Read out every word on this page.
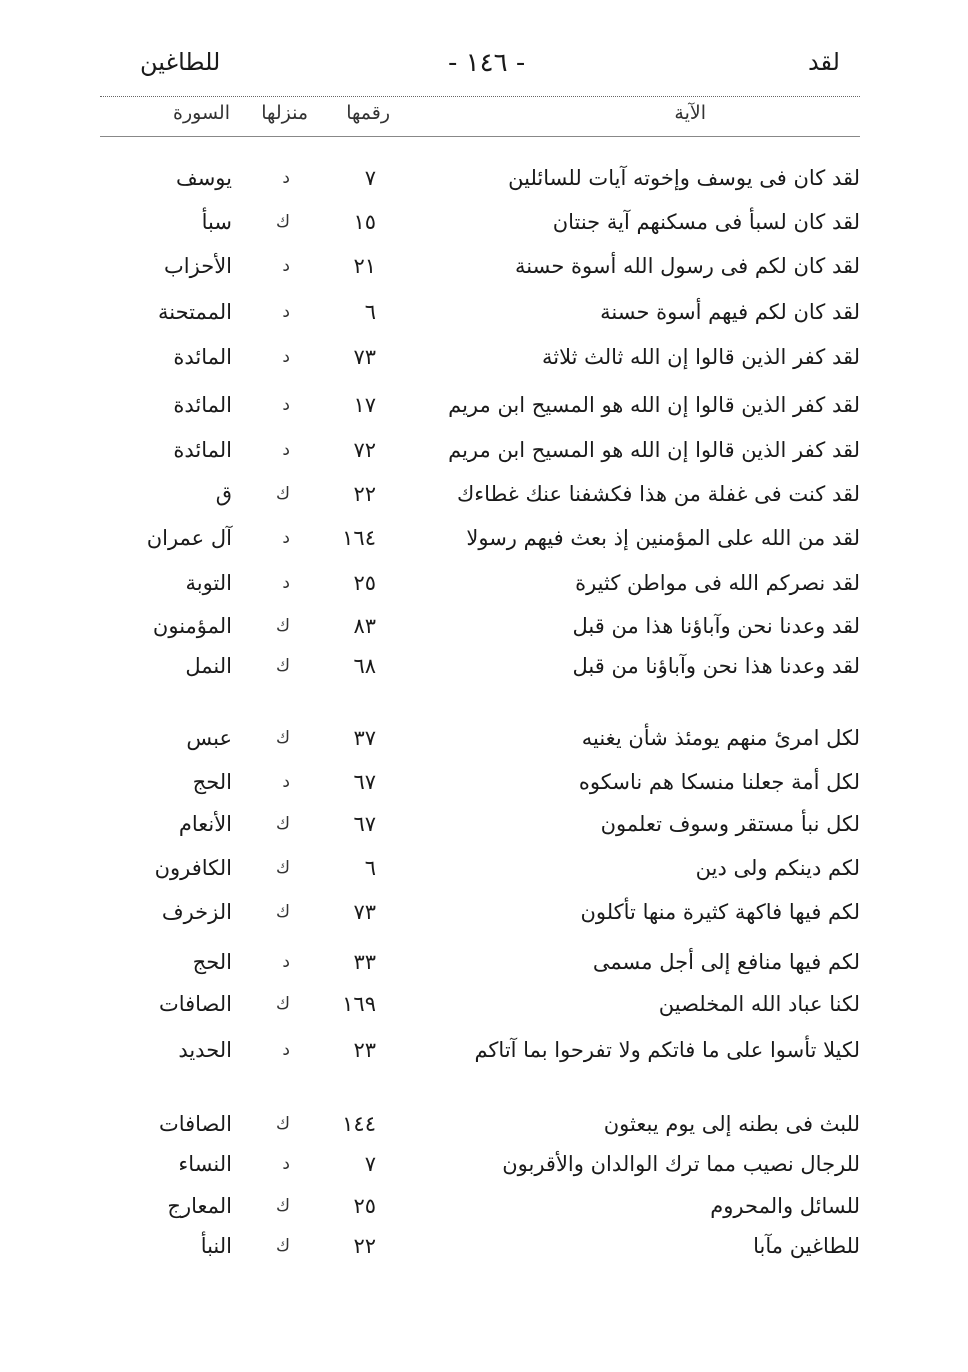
لقد
- ١٤٦ -
للطاغين
الآية
رقمها
منزلها
السورة
لقد كان فى يوسف وإخوته آيات للسائلين
٧
د
يوسف
لقد كان لسبأ فى مسكنهم آية جنتان
١٥
ك
سبأ
لقد كان لكم فى رسول الله أسوة حسنة
٢١
د
الأحزاب
لقد كان لكم فيهم أسوة حسنة
٦
د
الممتحنة
لقد كفر الذين قالوا إن الله ثالث ثلاثة
٧٣
د
المائدة
لقد كفر الذين قالوا إن الله هو المسيح ابن مريم
١٧
د
المائدة
لقد كفر الذين قالوا إن الله هو المسيح ابن مريم
٧٢
د
المائدة
لقد كنت فى غفلة من هذا فكشفنا عنك غطاءك
٢٢
ك
ق
لقد من الله على المؤمنين إذ بعث فيهم رسولا
١٦٤
د
آل عمران
لقد نصركم الله فى مواطن كثيرة
٢٥
د
التوبة
لقد وعدنا نحن وآباؤنا هذا من قبل
٨٣
ك
المؤمنون
لقد وعدنا هذا نحن وآباؤنا من قبل
٦٨
ك
النمل
لكل امرئ منهم يومئذ شأن يغنيه
٣٧
ك
عبس
لكل أمة جعلنا منسكا هم ناسكوه
٦٧
د
الحج
لكل نبأ مستقر وسوف تعلمون
٦٧
ك
الأنعام
لكم دينكم ولى دين
٦
ك
الكافرون
لكم فيها فاكهة كثيرة منها تأكلون
٧٣
ك
الزخرف
لكم فيها منافع إلى أجل مسمى
٣٣
د
الحج
لكنا عباد الله المخلصين
١٦٩
ك
الصافات
لكيلا تأسوا على ما فاتكم ولا تفرحوا بما آتاكم
٢٣
د
الحديد
للبث فى بطنه إلى يوم يبعثون
١٤٤
ك
الصافات
للرجال نصيب مما ترك الوالدان والأقربون
٧
د
النساء
للسائل والمحروم
٢٥
ك
المعارج
للطاغين مآبا
٢٢
ك
النبأ
